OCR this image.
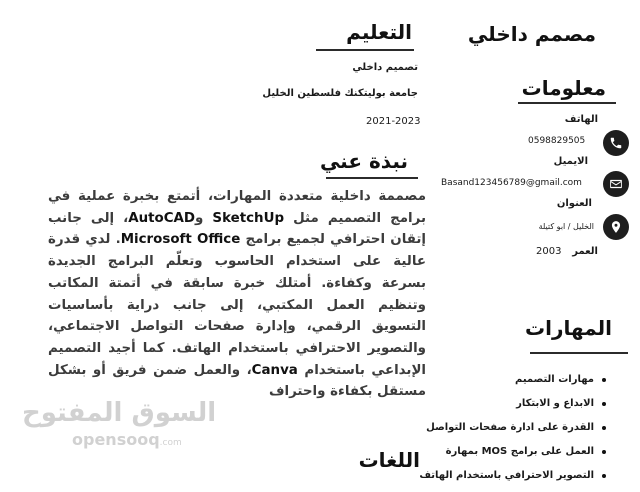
مصمم داخلي
معلومات
الهاتف
0598829505
الايميل
Basand123456789@gmail.com
العنوان
الخليل / ابو كتيلة
العمر
2003
المهارات
مهارات التصميم
الابداع و الابتكار
القدرة على ادارة صفحات التواصل
العمل على برامج MOS بمهارة
التصوير الاحترافي باستخدام الهاتف
التعليم
تصميم داخلي
جامعة بوليتكنك فلسطين الخليل
2021-2023
نبذة عني
مصممة داخلية متعددة المهارات، أتمتع بخبرة عملية في برامج التصميم مثل SketchUp وAutoCAD، إلى جانب إتقان احترافي لجميع برامج Microsoft Office. لدي قدرة عالية على استخدام الحاسوب وتعلّم البرامج الجديدة بسرعة وكفاءة. أمتلك خبرة سابقة في أتمتة المكاتب وتنظيم العمل المكتبي، إلى جانب دراية بأساسيات التسويق الرقمي، وإدارة صفحات التواصل الاجتماعي، والتصوير الاحترافي باستخدام الهاتف. كما أجيد التصميم الإبداعي باستخدام Canva، والعمل ضمن فريق أو بشكل مستقل بكفاءة واحتراف
اللغات
السوق المفتوح
opensooq.com
